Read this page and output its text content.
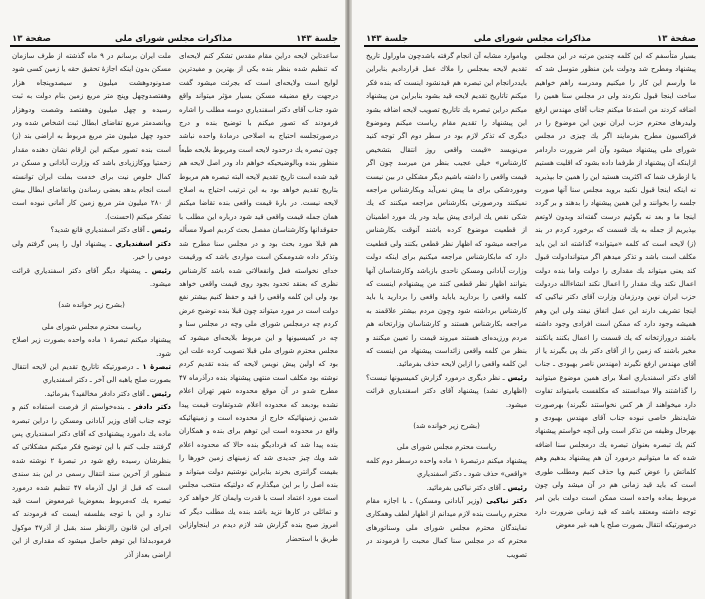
جلسة ۱۴۳
مذاكرات مجلس شوراى ملى
صفحة ۱۳

ساعدتاين لايحه دراين مقام مقدس تشكر كنم لايحه‌اى كه تنظيم شده بنظر بنده يكى از بهترين و مفيدترين لوايح است ولايحه‌اى است كه بجرئت ميشود گفت درجهت رفع مضيقه مسكن بسيار مؤثر ميتواند واقع شود جناب آقاى دكتر اسفندياري دوسه مطلب را اشاره فرمودند كه تصور ميكنم با توضيح بنده و درج درصورتجلسه احتياج به اصلاحى درمادهٔ واحده نباشد چون تبصره يك درحدود لايحه است ومربوط بلايحه طبعاً منظور بنده وبالوضيحيكه خواهم داد ودر اصل لايحه هم قيد شده است تاريخ تقديم لايحه البته تبصره هم مربوط بتاريخ تقديم خواهد بود به اين ترتيب احتياج به اصلاح لايحه نيست. در بارهٔ قيمت واقعى بنده تقاضا ميكنم همان جمله قيمت واقعى قيد شود درباره اين مطلب با حقوقدانها وكارشناسان مفصل بحث كرديم اصولا مسأله هم قبلا مورد بحث بود و در مجلس سنا مطرح شد وتذكر داده شدوممكن است مواردى باشد كه ورقيمت خداى نخواسته فعل وانفعالاتى شده باشد كارشناس نظرى كه بعنقد تحدود بجود روى قيمت واقعى خواهد بود ولى اين كلمه واقعى را قيد و حفظ كنيم بيشتر نفع دولت است در مورد ميتواند چون قبلا بنده توضيح عرض كردم چه درمجلس شوراى ملى وچه در مجلس سنا و چه در كميسيونها و اين مربوط بلايحه‌اى ميشود كه مجلس محترم شوراى ملى قبلا تصويب كرده علت اين بود كه اولين پيش نويس لايحه كه بنده تقديم كردم نوشته بود مكلف است منتهى پيشنهاد بنده درآذرماه ۴۷ مطرح شدو در آن موقع محدوده شهر تهران اعلام نشده بودبعد كه محدوده اعلام شدوتفاوت قيمت پيدا شدبين زمينهائيكه خارج از محدوده است و زمينهائيكه واقع در محدوده است اين توهم براى بنده و همكاران بنده پيدا شد كه فرداديگو بنده حالا كه محدوده اعلام شد ويك چيز جديدى شد كه زمينهاى زمين خورها را بقيمت گرانترى بخرند بنابراين نوشتيم دولت ميتواند و بنده اصل را بر اين ميگذارم كه دولتيكه منتخب مجلس است مورد اعتماد است با قدرت وايمان كار خواهد كرد و تمائلى در كارها نزيد باشد بنده يك مطلب ديگر كه امروز صبح بنده گزارش شد لازم ديدم در اينجاوازاين طريق با استحضار

ملت ايران برسانم در ۹ ماه گذشته از طرف سازمان مسكن بدون اينكه اجازهٔ تحقيق حقه يا زمين كسى شود صدونودوهشت ميليون و سيصدوپنجاه هزار وهفتصدوچهل وپنج متر مربع زمين بنام دولت به ثبت رسيده و چهل ميليون وهفتصد وشصت ودوهزار وپانصدمتر مربع تقاضاى ابطال ثبت اشخاص شده ودر حدود چهل ميليون متر مربع مربوط به اراضى بند (ز) است بنده تصور ميكنم اين ارقام نشان دهنده مقدار زحمتيا ووكاززيادى باشد كه وزارت آبادانى و مسكن در كمال خلوص نيت براى خدمت بملت ايران توانسته است انجام بدهد بعضى رساندن وباتقاضاى ابطال بيش از ۲۸۰ ميليون متر مربع زمين كار آمانى نبوده است تشكر ميكنم (احسنت).

رئيس ـ آقاى دكتر اسفندياري قانع شديد؟

دكتر اسفندياري ـ پيشنهاد اول را پس گرفتم ولى دومى را خير.

رئيس ـ پيشنهاد ديگر آقاى دكتر اسفندياري قرائت ميشود.

(بشرح زير خوانده شد)

رياست محترم مجلس شوراى ملى

پيشنهاد ميكنم تبصرهٔ ۱ ماده واحده بصورت زير اصلاح شود.

تبصرهٔ ۱ ـ درصورتيكه تاتاريخ تقديم اين لايحه انتقال بصورت صلح ياهبه الى آخر ـ دكتر اسفندياري

رئيس ـ آقاى دكتر دادفر مخالفيد؟ بفرمائيد.

دكتر دادفر ـ بنده‌خواستم از فرصت استفاده كنم و توجه جناب آقاى وزير آبادانى ومسكن را دراين تبصره ماده يك دامورد پيشنهادى كه آقاى دكتر اسفندياري پس گرفتند جلب كنم با اين توضيح فكر ميكنم مشكلاتى كه بنظرشان رسيده رفع شود در تبصرهٔ ۲ نوشته شده منظور از آخرين سند انتقال رسمى در اين بند سندى است كه قبل از اول آذرماه ۴۷ تنظيم شده درمورد تبصره يك كه‌مربوط بمعوض‌يا غيرمعوض است قيد ندارد و اين با توجه بفلسفه ايست كه فرمودند كه اجراى اين قانون راازنظر سند بقبل از آذر۴۷ موكول فرمودبدلذا اين توهم حاصل ميشود كه مقدارى از اين اراضى بعداز آذر

صفحة ۱۳
مذاكرات مجلس شوراى ملى
جلسة ۱۴۳

بسيار متأسفم كه اين كلمه چندين مرتبه در اين مجلس پيشنهاد ومطرح شد ودولت باين منظور متوسل شد كه ما وارسم اين كار را ميكنيم ومدرسه راهم خواهيم ساخت اينجا قبول نكردند ولى در مجلس سنا همين را اضافه كردند من استدعا ميكنم جناب آقاى مهندس ارفع وليدرهاى محترم حزب ايران نوين اين موضوع را در فراكسيون مطرح بفرمايند اگر يك چيزى در مجلس شوراى ملى پيشنهاد ميشود وآن امر ضرورت داردامر ازاينكه آن پيشنهاد از طرفما داده بشود كه اقليت هستيم يا ازطرف شما كه اكثريت هستيد اين را همين جا بپذيريد نه اينكه اينجا قبول نكنيد برويد مجلس سنا آنها صورت جلسه را بخوانند و اين همين پيشنهاد را بدهند و بر گردد اينجا ما و بعد نه بگوئيم درست گفته‌اند وبدون لاوتعم بپذيريم از جمله به يك قسمت كه برخورد كردم در بند (ز) لايحه است كه كلمه «ميتواند» گذاشته اند اين بايد مكلف است باشد و تذكر ميدهم اگر ميتواندادولت قبول كند يعنى ميتواند يك مقدارى را دولت واما بنده دولت اعمال نكند ويك مقدار را اعمال نكند انشاءالله دردولت حزب ايران نوين ودرزمان وزارت آقاى دكتر نياكيى كه اينجا تشريف دارند اين عمل اتفاق نيفتد ولى اين وهم هميشه وجود دارد كه ممكن است افرادى وجود داشته باشند درورازتخانه كه يك قسمت را اعمال بكنند يانكنند مخير باشند كه زمين را از آقاى دكتر بك پى بگيرند يا از آقاى مهندس ارفع نگيرند (مهندس ناصر بهبودى ـ جناب آقاى دكتر اسفندياري اصلا براى همين موضوع ميتوانيد را گذاشتند والا ميدانستند كه مكلفست باميتواند تفاوت دارد ميخواهند از هر كس نخواستند نگيرند) بهرصورت شايدنظر خاصى نبوده جناب آقاى مهندس بهبودى و بهرحال وظيفه من تذكر است ولى آنچه خواستم پيشنهاد كنم يك تبصره بعنوان تبصره يك درمجلس سنا اضافه شده كه ما ميتوانيم درمورد آن هم پيشنهاد بدهيم وهم كلماتش را عوض كنيم ويا حذف كنيم ومطلب طورى است كه بايد قيد زمانى هم در آن ميشد ولى چون مربوط بماده واحده است ممكن است دولت باين امر توجه داشته ومعتقد باشد كه قيد زمانى ضرورت دارد درصورتيكه انتقال بصورت صلح يا هبه غير معوض

وياموارد مشابه آن انجام گرفته باشدچون ماوراول تاريخ تقديم لايحه بمجلس را ملاك عمل قرارداديم بنابراين بايددرانجام اين تبصره هم قيدنشود اينست كه بنده فكر ميكنم تاتاريخ تقديم لايحه قيد بشود بنابراين من پيشنهاد ميكنم دراين تبصره يك تاتاريخ تصويب لايحه اضافه بشود اين پيشنهاد را تقديم مقام رياست ميكنم وموضوع ديگرى كه تذكر لازم بود در سطر دوم اگر توجه كنيد مى‌نويسد «قيمت واقعى روز انتقال بتشخيص كارشناس» خيلى عجيب بنظر من ميرسد چون اگر قيمت واقعى را داشته باشيم ديگر مشكلى در بين نيست وموردشكى براى ما پيش نمى‌آيد وبكارشناس مراجعه نميكنند ودرصورتى بكارشناس مراجعه ميكنند كه يك شكى نقص يك ايرادى پيش بيايد ودر يك مورد اطمينان از قطعيت موضوع كرده باشند آنوقت بكارشناس مراجعه ميشود كه اظهار نظر قطعى بكنند ولى قطعيت دارد كه مابكارشناس مراجعه ميكنيم براى اينكه دولت وزارت آبادانى ومسكن ناحدى بازباشد وكارشناسان آنها بتوانند اظهار نظر قطعى كنند من پيشنهادم اينست كه كلمه واقعى را برداريد يابايد واقعى را برداريد يا بايد كارشناس برداشته شود وچون مردم بيشتر علاقمند به مراجعه بكارشناس هستند و كارشناسان وزارتخانه هم مردم ورزيده‌اى هستند ميروند قيمت را تعيين ميكنند و بنظر من كلمه واقعى زائداست پيشنهاد من اينست كه اين كلمه واقعى را ازاين لايحه حذف بفرمائيد.

رئيس ـ نظر ديگرى درمورد گزارش كميسيونها نيست؟ (اظهارى نشد) پيشنهاد آقاى دكتر اسفندياري قرائت ميشود.

(بشرح زير خوانده شد)

رياست محترم مجلس شوراى ملى

پيشنهاد ميكنم درتبصرهٔ ۱ ماده واحده درسطر دوم كلمه «واقعى» حذف شود ـ دكتر اسفندياري

رئيس ـ آقاى دكتر نياكيى بفرمائيد.

دكتر نياكيى (وزير آبادانى ومسكن) ـ با اجازه مقام محترم رياست بنده لازم ميدانم از اظهار لطف وهمكارى نمايندگان محترم مجلس شوراى ملى وسناتورهاى محترم كه در مجلس سنا كمال محبت را فرمودند در تصويب
